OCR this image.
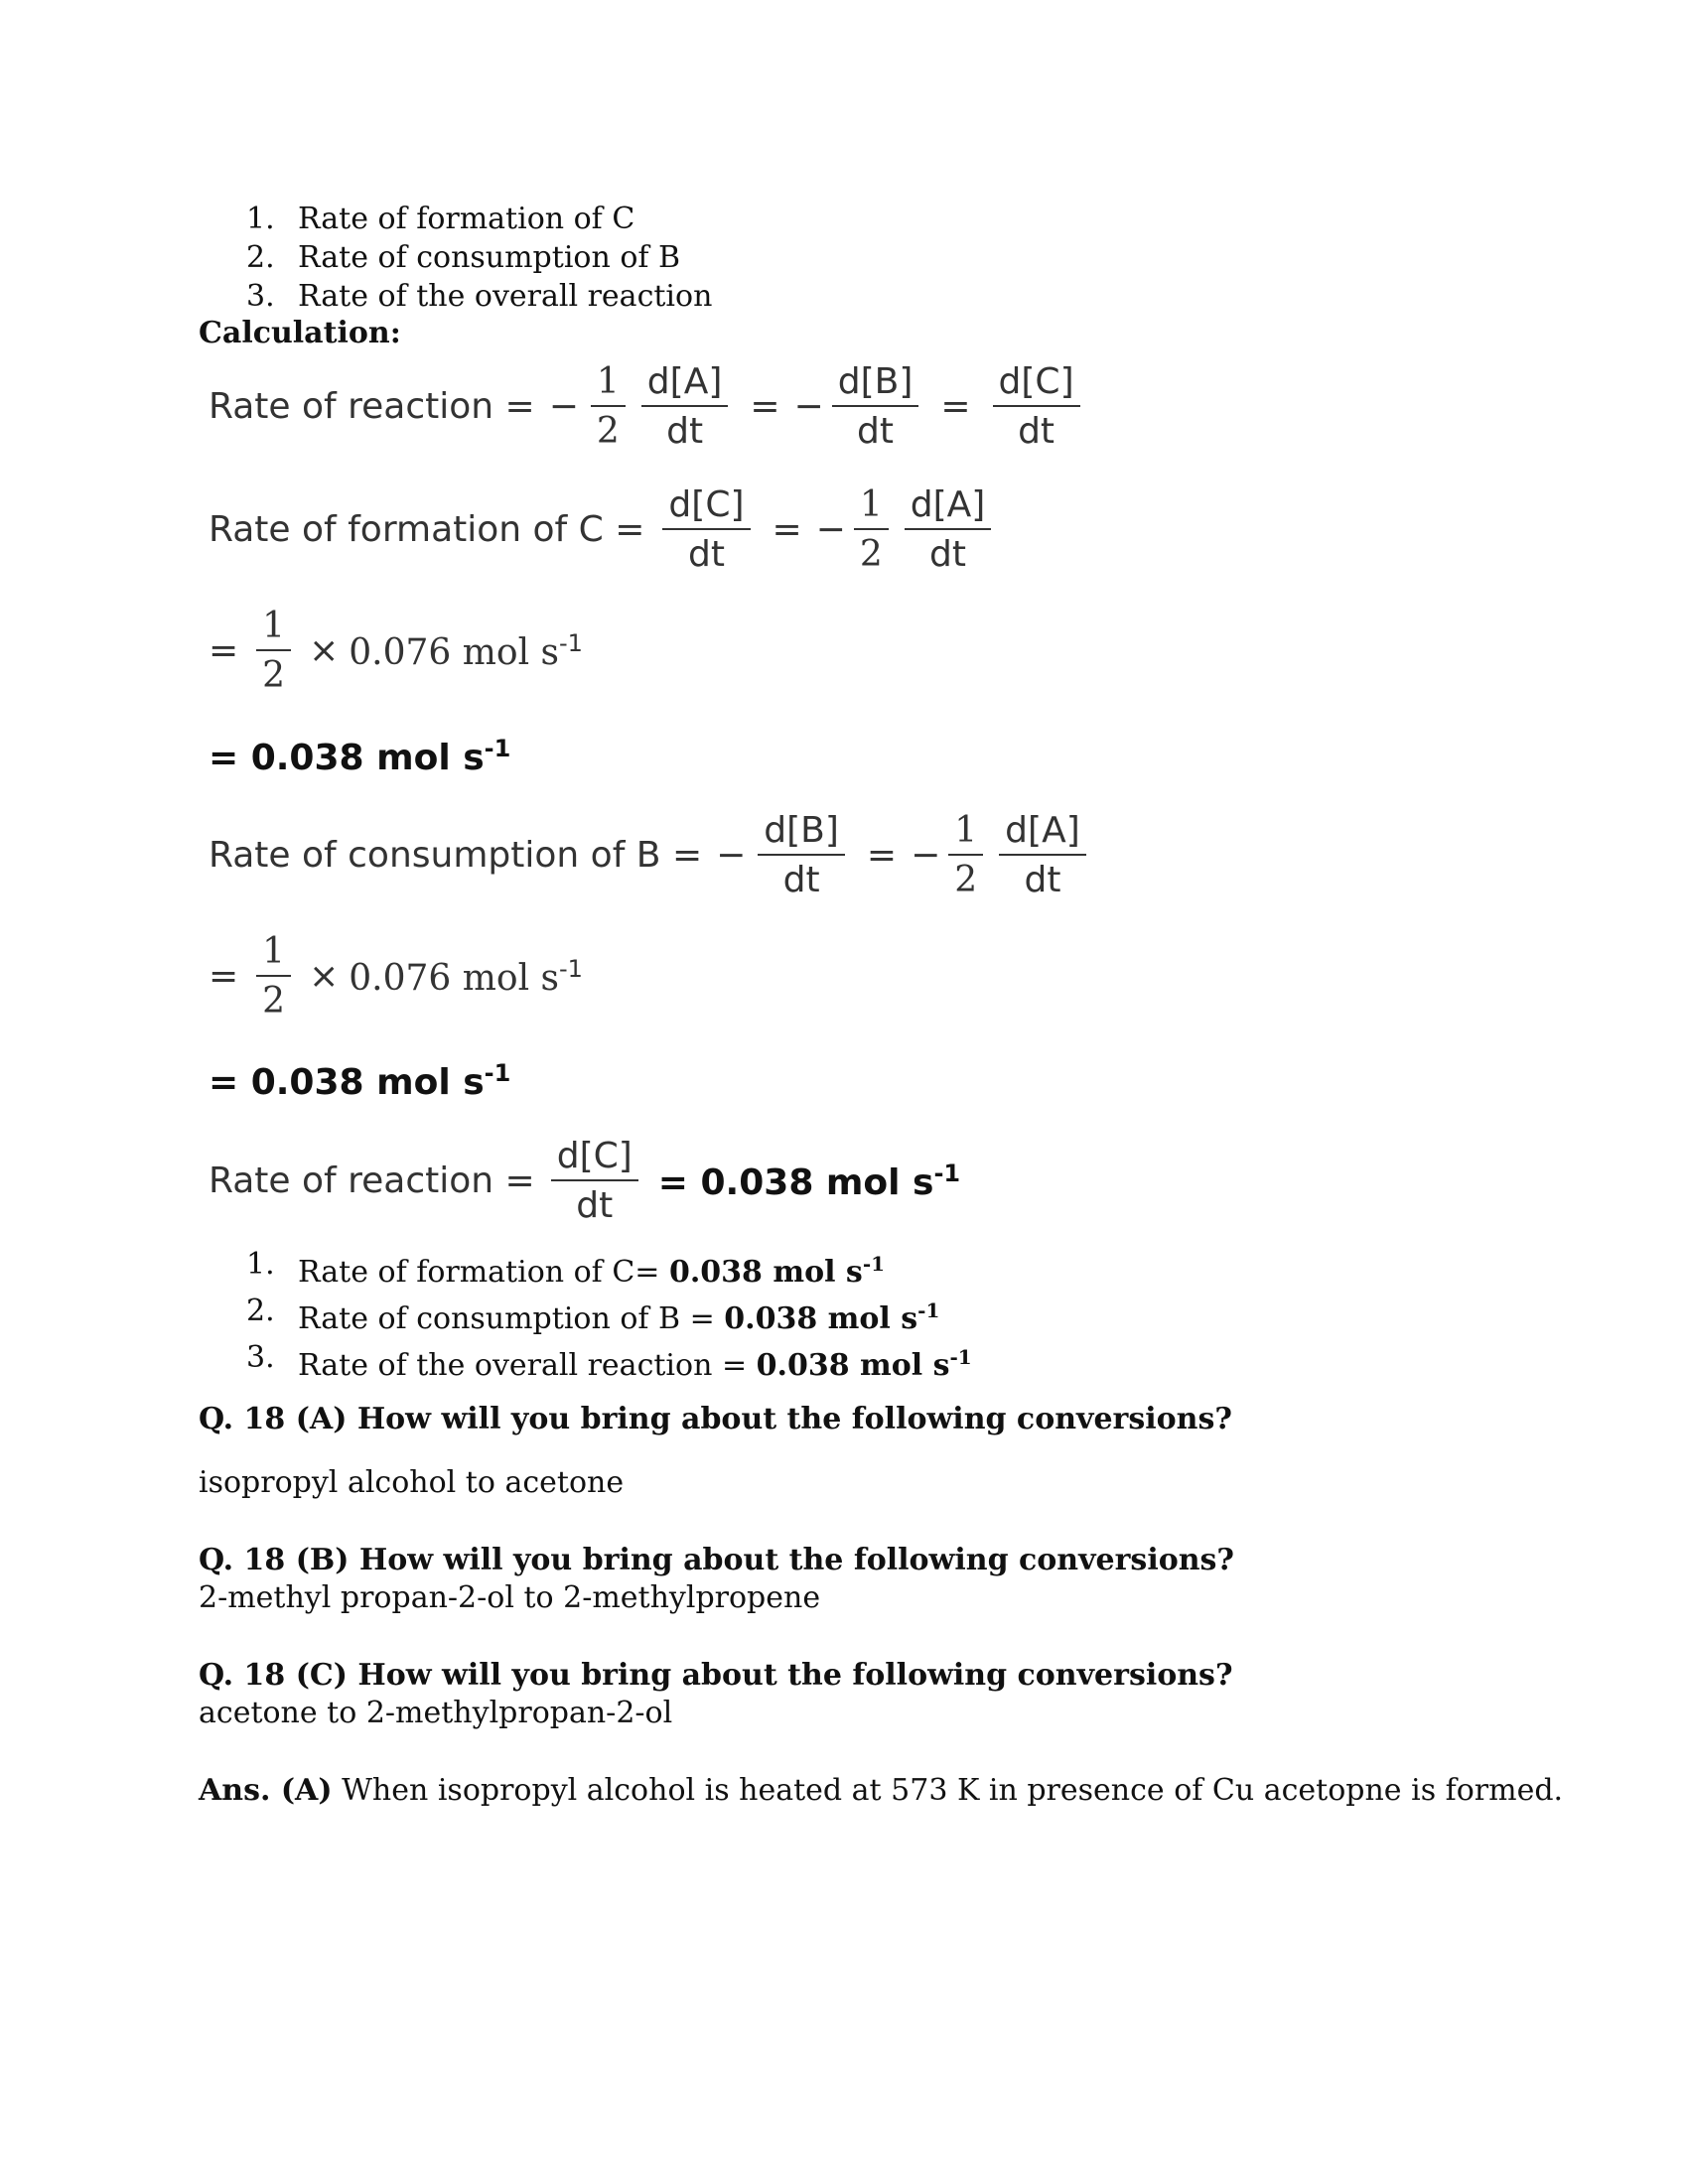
1. Rate of formation of C
2. Rate of consumption of B
3. Rate of the overall reaction
Calculation:
Rate of reaction = − $\frac{1}{2} \frac{d[A]}{dt}$ = − $\frac{d[B]}{dt} = \frac{d[C]}{dt}$
Rate of formation of $C = \frac{d[C]}{dt}$ = − $\frac{1}{2} \frac{d[A]}{dt}$
= $\frac{1}{2} \times 0.076$ mol $s^{-1}$
= 0.038 mol $s^{-1}$
Rate of consumption of B = − $\frac{d[B]}{dt}$ = − $\frac{1}{2} \frac{d[A]}{dt}$
= $\frac{1}{2} \times 0.076$ mol $s^{-1}$
= 0.038 mol $s^{-1}$
Rate of reaction = $\frac{d[C]}{dt} = 0.038$ mol $s^{-1}$
1. Rate of formation of C= 0.038 mol $s^{-1}$
2. Rate of consumption of B = 0.038 mol $s^{-1}$
3. Rate of the overall reaction = 0.038 mol $s^{-1}$
Q. 18 (A) How will you bring about the following conversions?
isopropyl alcohol to acetone
Q. 18 (B) How will you bring about the following conversions?
2-methyl propan-2-ol to 2-methylpropene
Q. 18 (C) How will you bring about the following conversions?
acetone to 2-methylpropan-2-ol
Ans. (A) When isopropyl alcohol is heated at 573 K in presence of Cu acetopne is formed.
